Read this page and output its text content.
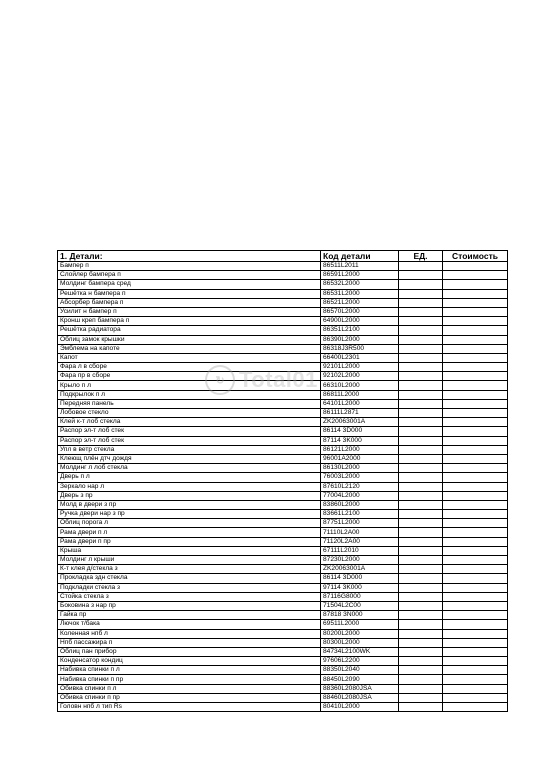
1. Детали:	Код детали	ЕД.	Стоимость
Бампер п	86511L2011		
Слойлер бампера п	86591L2000		
Молдинг бампера сред	86532L2000		
Решётка н бампера п	86531L2000		
Абсорбер бампера п	86521L2000		
Усилит н бампер п	86570L2000		
Кронш креп бампера п	64900L2000		
Решётка радиатора	86351L2100		
Облиц замок крышки	86390L2000		
Эмблема на капоте	86318J3R500		
Капот	66400L2301		
Фара л в сборе	92101L2000		
Фара пр в сборе	92102L2000		
Крыло п л	66310L2000		
Подкрылок п л	86811L2000		
Передняя панель	64101L2000		
Лобовое стекло	86111L2871		
Клей к-т лоб стекла	ZK20063001A		
Распор эл-т лоб стек	86114 3D000		
Распор эл-т лоб стек	87114 3K000		
Упл в ветр стекла	86121L2000		
Клеющ плён дтч дождя	96001A2000		
Молдинг л лоб стекла	86130L2000		
Дверь п л	76003L2000		
Зеркало нар л	87610L2120		
Дверь з пр	77004L2000		
Молд в двери з пр	83860L2000		
Ручка двери нар з пр	83661L2100		
Облиц порога л	87751L2000		
Рама двери п л	71110L2A00		
Рама двери п пр	71120L2A00		
Крыша	67111L2010		
Молдинг л крыши	87230L2000		
К-т клея д/стекла з	ZK20063001A		
Прокладка здн стекла	86114 3D000		
Подкладки стекла з	97114 3K000		
Стойка стекла з	87116G8000		
Боковина з нар пр	71504L2C00		
Гайка пр	87818 3N000		
Лючок т/бака	69511L2000		
Коленная нпб л	80200L2000		
Нпб пассажира п	80300L2000		
Облиц пан прибор	84734L2100WK		
Конденсатор кондиц	97606L2200		
Набивка спинки п л	88350L2040		
Набивка спинки п пр	88450L2090		
Обивка спинки п л	88360L2080JSA		
Обивка спинки п пр	88460L2080JSA		
Головн нпб л тип Rs	80410L2000		
↻ Total01
